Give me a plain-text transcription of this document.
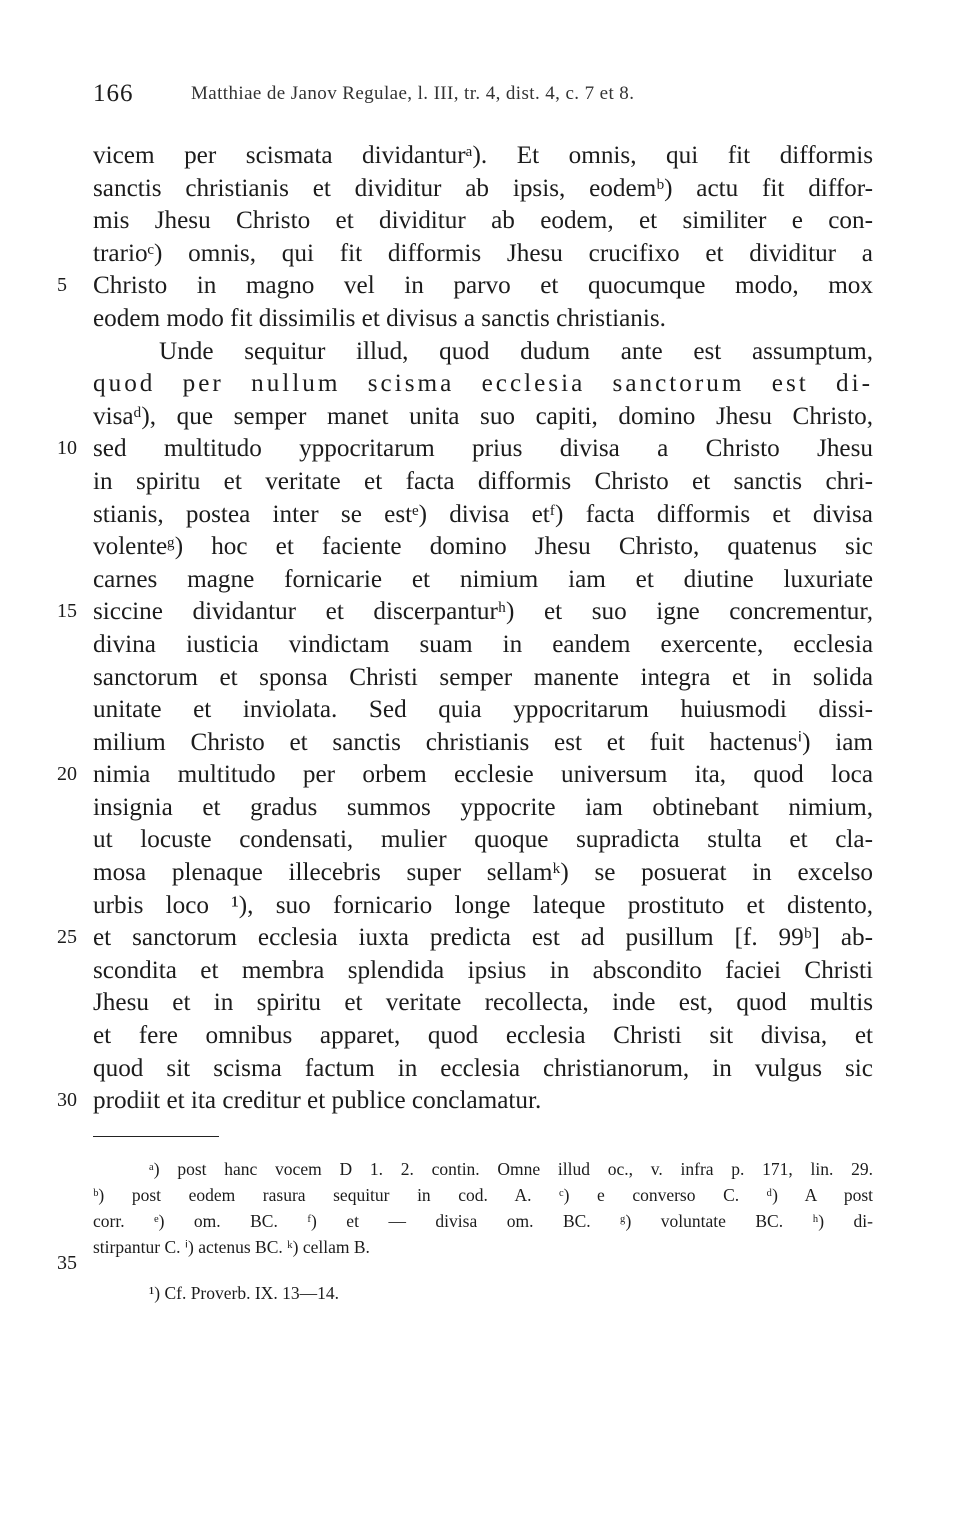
166	Matthiae de Janov Regulae, l. III, tr. 4, dist. 4, c. 7 et 8.
vicem per scismata dividanturᵃ). Et omnis, qui fit difformis
sanctis christianis et dividitur ab ipsis, eodemᵇ) actu fit diffor-
mis Jhesu Christo et dividitur ab eodem, et similiter e con-
trarioᶜ) omnis, qui fit difformis Jhesu crucifixo et dividitur a
Christo in magno vel in parvo et quocumque modo, mox
eodem modo fit dissimilis et divisus a sanctis christianis.
Unde sequitur illud, quod dudum ante est assumptum,
quod per nullum scisma ecclesia sanctorum est di-
visaᵈ), que semper manet unita suo capiti, domino Jhesu Christo,
sed multitudo yppocritarum prius divisa a Christo Jhesu
in spiritu et veritate et facta difformis Christo et sanctis chri-
stianis, postea inter se estᵉ) divisa etᶠ) facta difformis et divisa
volenteᵍ) hoc et faciente domino Jhesu Christo, quatenus sic
carnes magne fornicarie et nimium iam et diutine luxuriate
siccine dividantur et discerpanturʰ) et suo igne concrementur,
divina iusticia vindictam suam in eandem exercente, ecclesia
sanctorum et sponsa Christi semper manente integra et in solida
unitate et inviolata. Sed quia yppocritarum huiusmodi dissi-
milium Christo et sanctis christianis est et fuit hactenusⁱ) iam
nimia multitudo per orbem ecclesie universum ita, quod loca
insignia et gradus summos yppocrite iam obtinebant nimium,
ut locuste condensati, mulier quoque supradicta stulta et cla-
mosa plenaque illecebris super sellamᵏ) se posuerat in excelso
urbis loco ¹), suo fornicario longe lateque prostituto et distento,
et sanctorum ecclesia iuxta predicta est ad pusillum [f. 99ᵇ] ab-
scondita et membra splendida ipsius in abscondito faciei Christi
Jhesu et in spiritu et veritate recollecta, inde est, quod multis
et fere omnibus apparet, quod ecclesia Christi sit divisa, et
quod sit scisma factum in ecclesia christianorum, in vulgus sic
prodiit et ita creditur et publice conclamatur.
5
10
15
20
25
30
ᵃ) post hanc vocem D 1. 2. contin. Omne illud oc., v. infra p. 171, lin. 29.
ᵇ) post eodem rasura sequitur in cod. A. ᶜ) e converso C. ᵈ) A post
corr. ᵉ) om. BC. ᶠ) et — divisa om. BC. ᵍ) voluntate BC. ʰ) di-
stirpantur C. ⁱ) actenus BC. ᵏ) cellam B.
¹) Cf. Proverb. IX. 13—14.
35
